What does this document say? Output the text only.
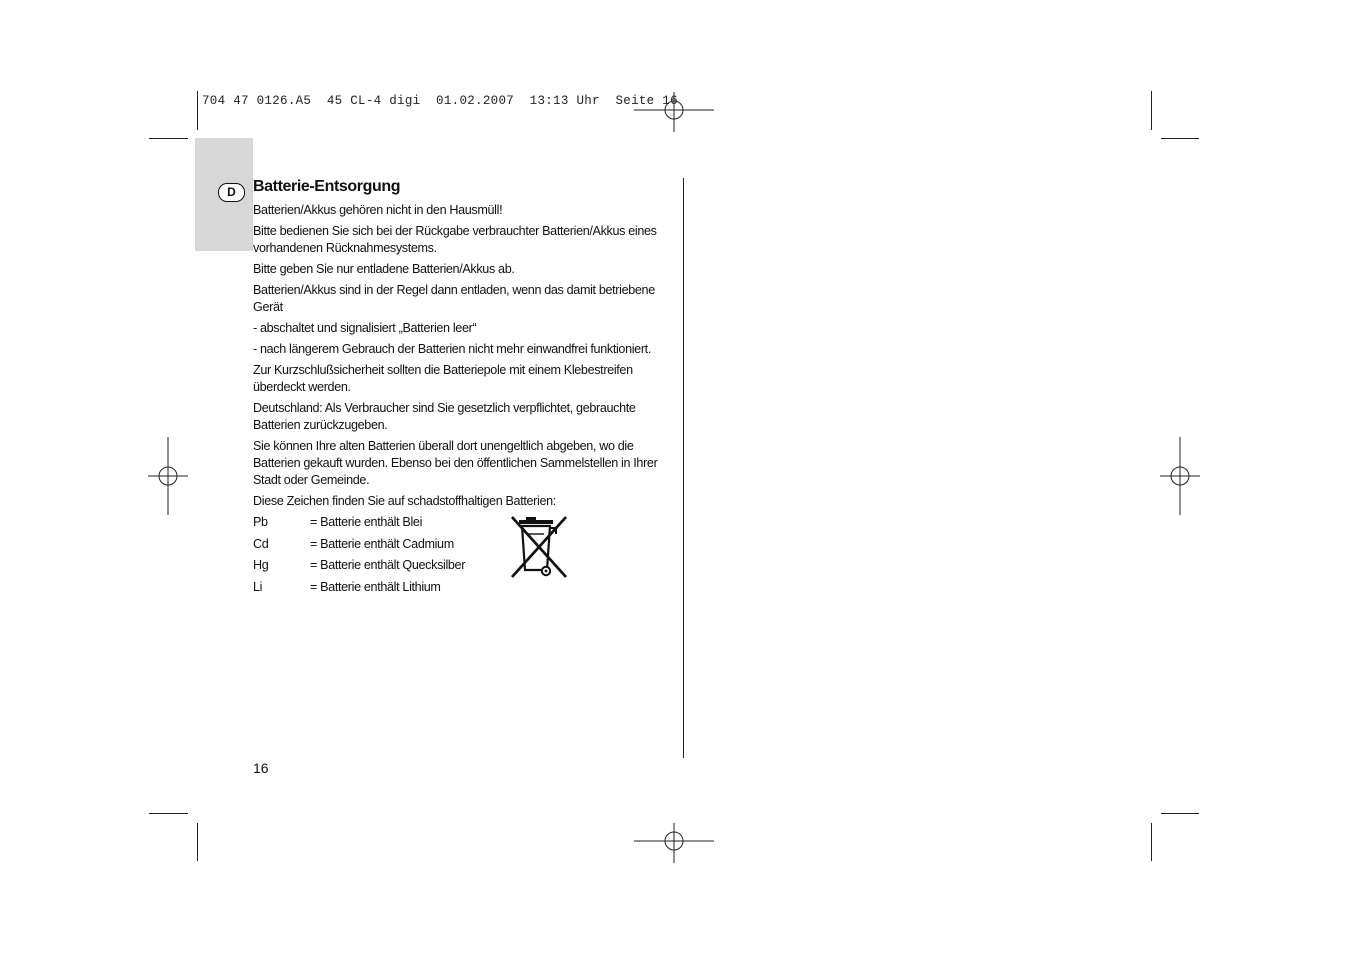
704 47 0126.A5  45 CL-4 digi  01.02.2007  13:13 Uhr  Seite 16
D	Batterie-Entsorgung

Batterien/Akkus gehören nicht in den Hausmüll!

Bitte bedienen Sie sich bei der Rückgabe verbrauchter Batterien/Akkus eines vorhandenen Rücknahmesystems.

Bitte geben Sie nur entladene Batterien/Akkus ab.

Batterien/Akkus sind in der Regel dann entladen, wenn das damit betriebene Gerät

- abschaltet und signalisiert „Batterien leer“

- nach längerem Gebrauch der Batterien nicht mehr einwandfrei funktioniert.

Zur Kurzschlußsicherheit sollten die Batteriepole mit einem Klebestreifen überdeckt werden.

Deutschland: Als Verbraucher sind Sie gesetzlich verpflichtet, gebrauchte Batterien zurückzugeben.

Sie können Ihre alten Batterien überall dort unengeltlich abgeben, wo die Batterien gekauft wurden. Ebenso bei den öffentlichen Sammelstellen in Ihrer Stadt oder Gemeinde.

Diese Zeichen finden Sie auf schadstoffhaltigen Batterien:

Pb	= Batterie enthält Blei
Cd	= Batterie enthält Cadmium
Hg	= Batterie enthält Quecksilber
Li	= Batterie enthält Lithium
16
